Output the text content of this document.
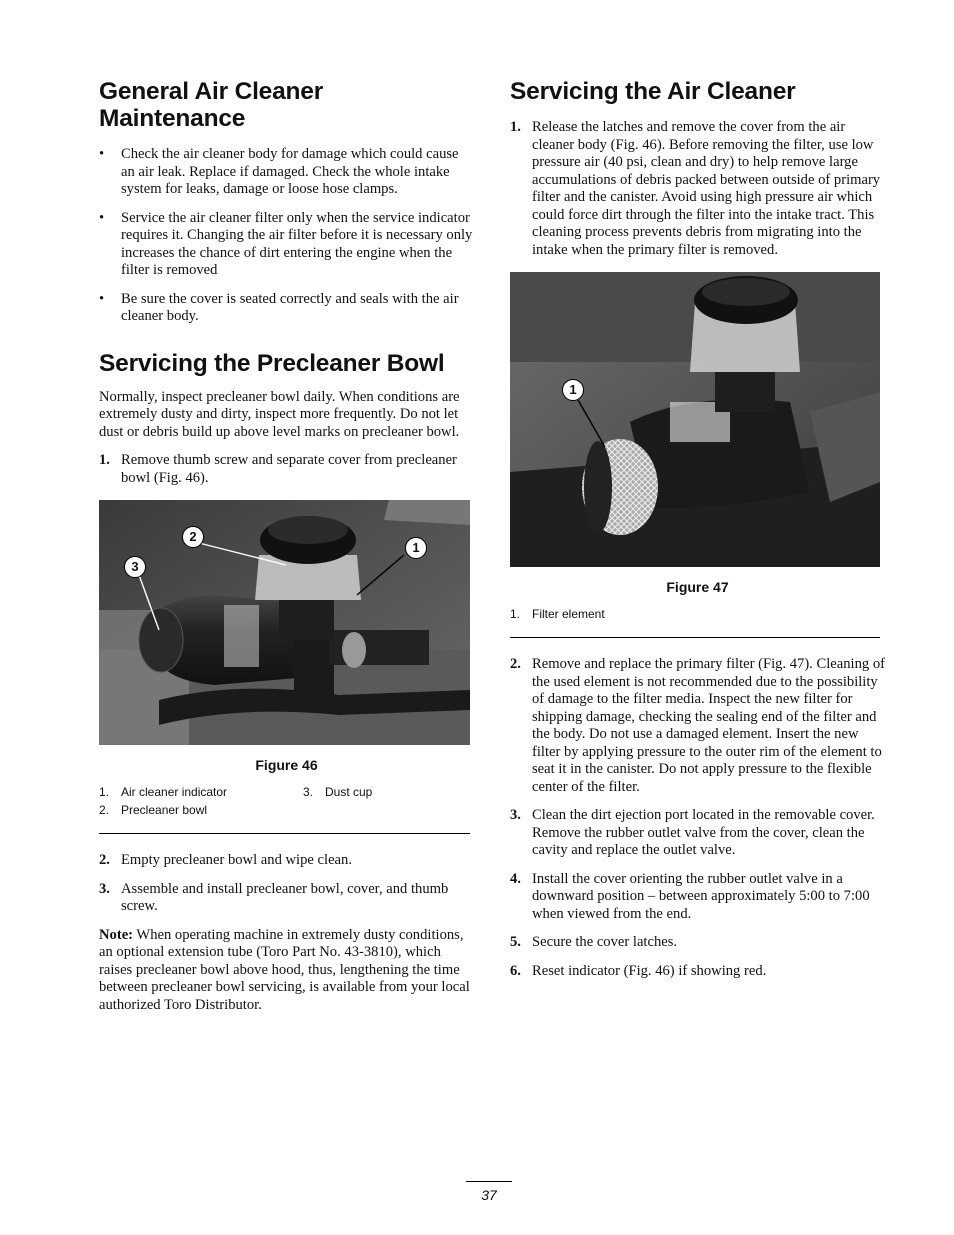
General Air Cleaner Maintenance
• Check the air cleaner body for damage which could cause an air leak. Replace if damaged. Check the whole intake system for leaks, damage or loose hose clamps.
• Service the air cleaner filter only when the service indicator requires it. Changing the air filter before it is necessary only increases the chance of dirt entering the engine when the filter is removed
• Be sure the cover is seated correctly and seals with the air cleaner body.
Servicing the Precleaner Bowl

Normally, inspect precleaner bowl daily. When conditions are extremely dusty and dirty, inspect more frequently. Do not let dust or debris build up above level marks on precleaner bowl.

1. Remove thumb screw and separate cover from precleaner bowl (Fig. 46).
1
2
3
Figure 46
1. Air cleaner indicator
2. Precleaner bowl
3. Dust cup
2. Empty precleaner bowl and wipe clean.
3. Assemble and install precleaner bowl, cover, and thumb screw.

Note: When operating machine in extremely dusty conditions, an optional extension tube (Toro Part No. 43-3810), which raises precleaner bowl above hood, thus, lengthening the time between precleaner bowl servicing, is available from your local authorized Toro Distributor.

Servicing the Air Cleaner
1. Release the latches and remove the cover from the air cleaner body (Fig. 46). Before removing the filter, use low pressure air (40 psi, clean and dry) to help remove large accumulations of debris packed between outside of primary filter and the canister. Avoid using high pressure air which could force dirt through the filter into the intake tract. This cleaning process prevents debris from migrating into the intake when the primary filter is removed.
1
Figure 47
1. Filter element
2. Remove and replace the primary filter (Fig. 47). Cleaning of the used element is not recommended due to the possibility of damage to the filter media. Inspect the new filter for shipping damage, checking the sealing end of the filter and the body. Do not use a damaged element. Insert the new filter by applying pressure to the outer rim of the element to seat it in the canister. Do not apply pressure to the flexible center of the filter.
3. Clean the dirt ejection port located in the removable cover. Remove the rubber outlet valve from the cover, clean the cavity and replace the outlet valve.
4. Install the cover orienting the rubber outlet valve in a downward position – between approximately 5:00 to 7:00 when viewed from the end.
5. Secure the cover latches.
6. Reset indicator (Fig. 46) if showing red.
37
